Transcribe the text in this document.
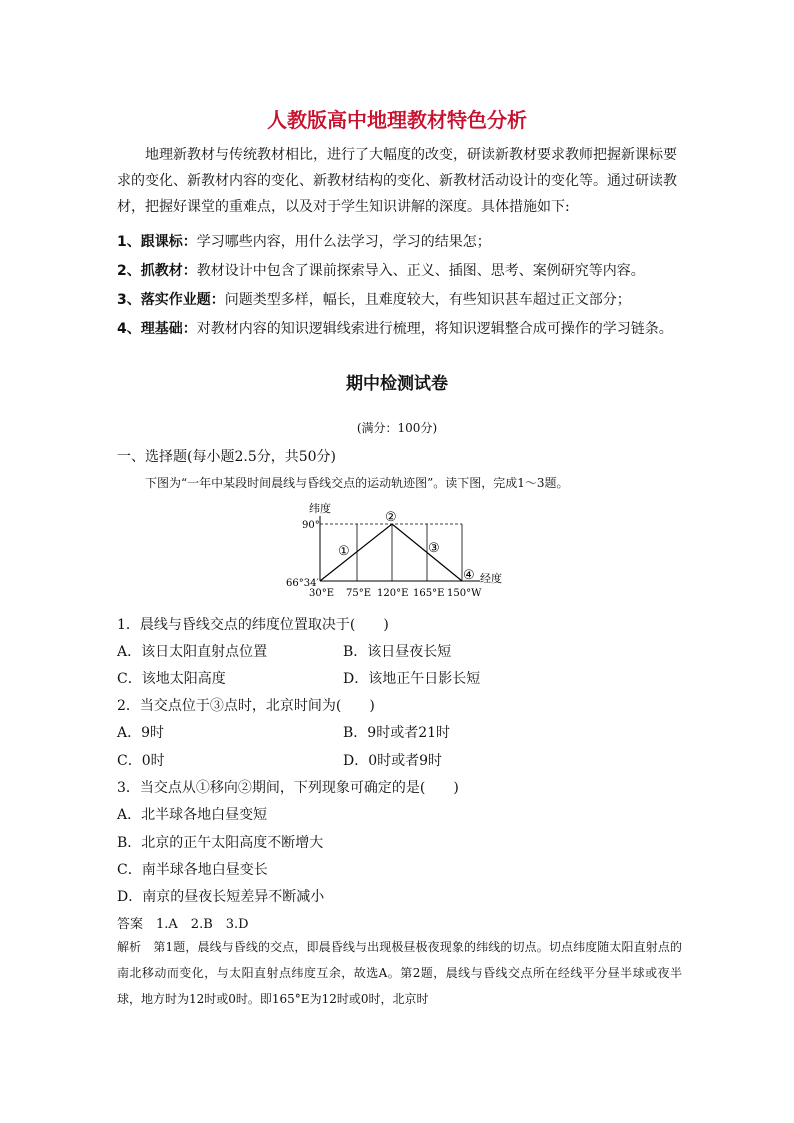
人教版高中地理教材特色分析
地理新教材与传统教材相比，进行了大幅度的改变，研读新教材要求教师把握新课标要求的变化、新教材内容的变化、新教材结构的变化、新教材活动设计的变化等。通过研读教材，把握好课堂的重难点，以及对于学生知识讲解的深度。具体措施如下:
1、跟课标：学习哪些内容，用什么法学习，学习的结果怎；
2、抓教材：教材设计中包含了课前探索导入、正义、插图、思考、案例研究等内容。
3、落实作业题：问题类型多样，幅长，且难度较大，有些知识甚车超过正文部分；
4、理基础：对教材内容的知识逻辑线索进行梳理，将知识逻辑整合成可操作的学习链条。
期中检测试卷
(满分：100分)
一、选择题(每小题2.5分，共50分)
下图为“一年中某段时间晨线与昏线交点的运动轨迹图”。读下图，完成1～3题。
纬度
90°
66°34′
①
②
③
④ 经度
30°E 75°E 120°E 165°E 150°W
1．晨线与昏线交点的纬度位置取决于(　　)
A．该日太阳直射点位置	B．该日昼夜长短
C．该地太阳高度	D．该地正午日影长短
2．当交点位于③点时，北京时间为(　　)
A．9时	B．9时或者21时
C．0时	D．0时或者9时
3．当交点从①移向②期间，下列现象可确定的是(　　)
A．北半球各地白昼变短
B．北京的正午太阳高度不断增大
C．南半球各地白昼变长
D．南京的昼夜长短差异不断减小
答案　1.A　2.B　3.D
解析　第1题，晨线与昏线的交点，即晨昏线与出现极昼极夜现象的纬线的切点。切点纬度随太阳直射点的南北移动而变化，与太阳直射点纬度互余，故选A。第2题，晨线与昏线交点所在经线平分昼半球或夜半球，地方时为12时或0时。即165°E为12时或0时，北京时
